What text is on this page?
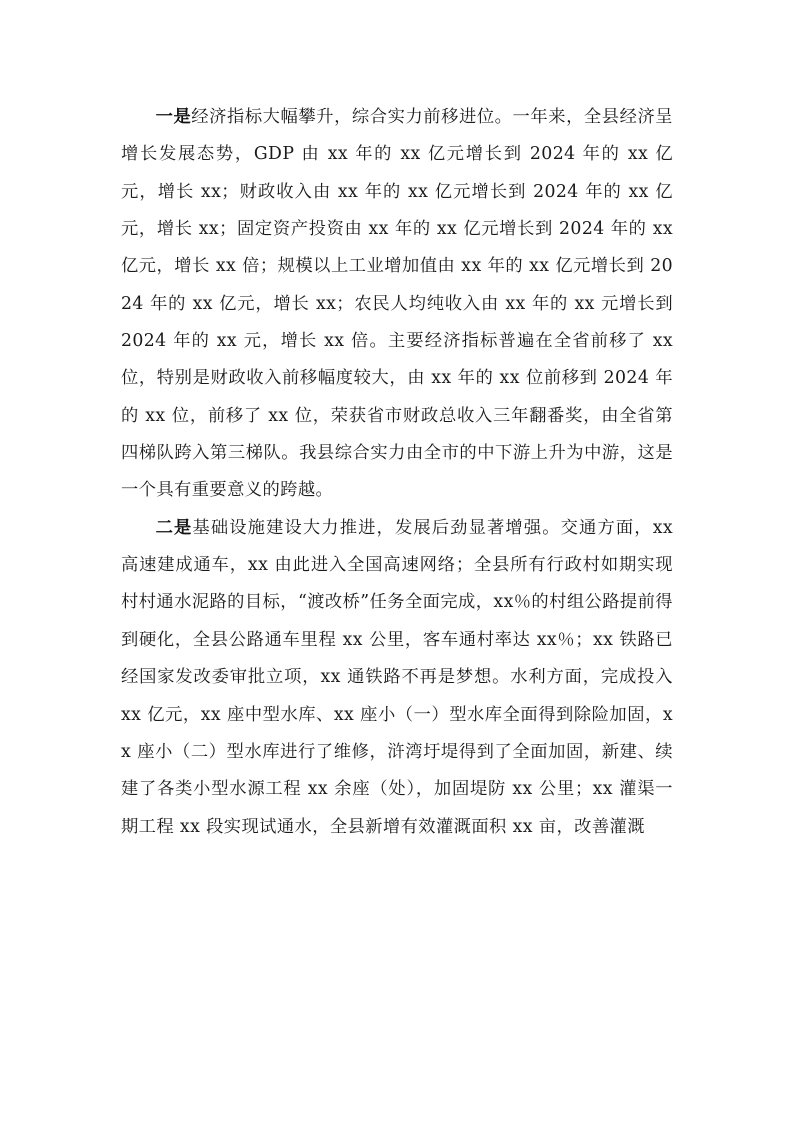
一是经济指标大幅攀升，综合实力前移进位。一年来，全县经济呈增长发展态势，GDP 由 xx 年的 xx 亿元增长到 2024 年的 xx 亿元，增长 xx；财政收入由 xx 年的 xx 亿元增长到 2024 年的 xx 亿元，增长 xx；固定资产投资由 xx 年的 xx 亿元增长到 2024 年的 xx 亿元，增长 xx 倍；规模以上工业增加值由 xx 年的 xx 亿元增长到 2024 年的 xx 亿元，增长 xx；农民人均纯收入由 xx 年的 xx 元增长到 2024 年的 xx 元，增长 xx 倍。主要经济指标普遍在全省前移了 xx 位，特别是财政收入前移幅度较大，由 xx 年的 xx 位前移到 2024 年的 xx 位，前移了 xx 位，荣获省市财政总收入三年翻番奖，由全省第四梯队跨入第三梯队。我县综合实力由全市的中下游上升为中游，这是一个具有重要意义的跨越。

二是基础设施建设大力推进，发展后劲显著增强。交通方面，xx 高速建成通车，xx 由此进入全国高速网络；全县所有行政村如期实现村村通水泥路的目标，“渡改桥”任务全面完成，xx％的村组公路提前得到硬化，全县公路通车里程 xx 公里，客车通村率达 xx％；xx 铁路已经国家发改委审批立项，xx 通铁路不再是梦想。水利方面，完成投入 xx 亿元，xx 座中型水库、xx 座小（一）型水库全面得到除险加固，xx 座小（二）型水库进行了维修，浒湾圩堤得到了全面加固，新建、续建了各类小型水源工程 xx 余座（处），加固堤防 xx 公里；xx 灌渠一期工程 xx 段实现试通水，全县新增有效灌溉面积 xx 亩，改善灌溉
